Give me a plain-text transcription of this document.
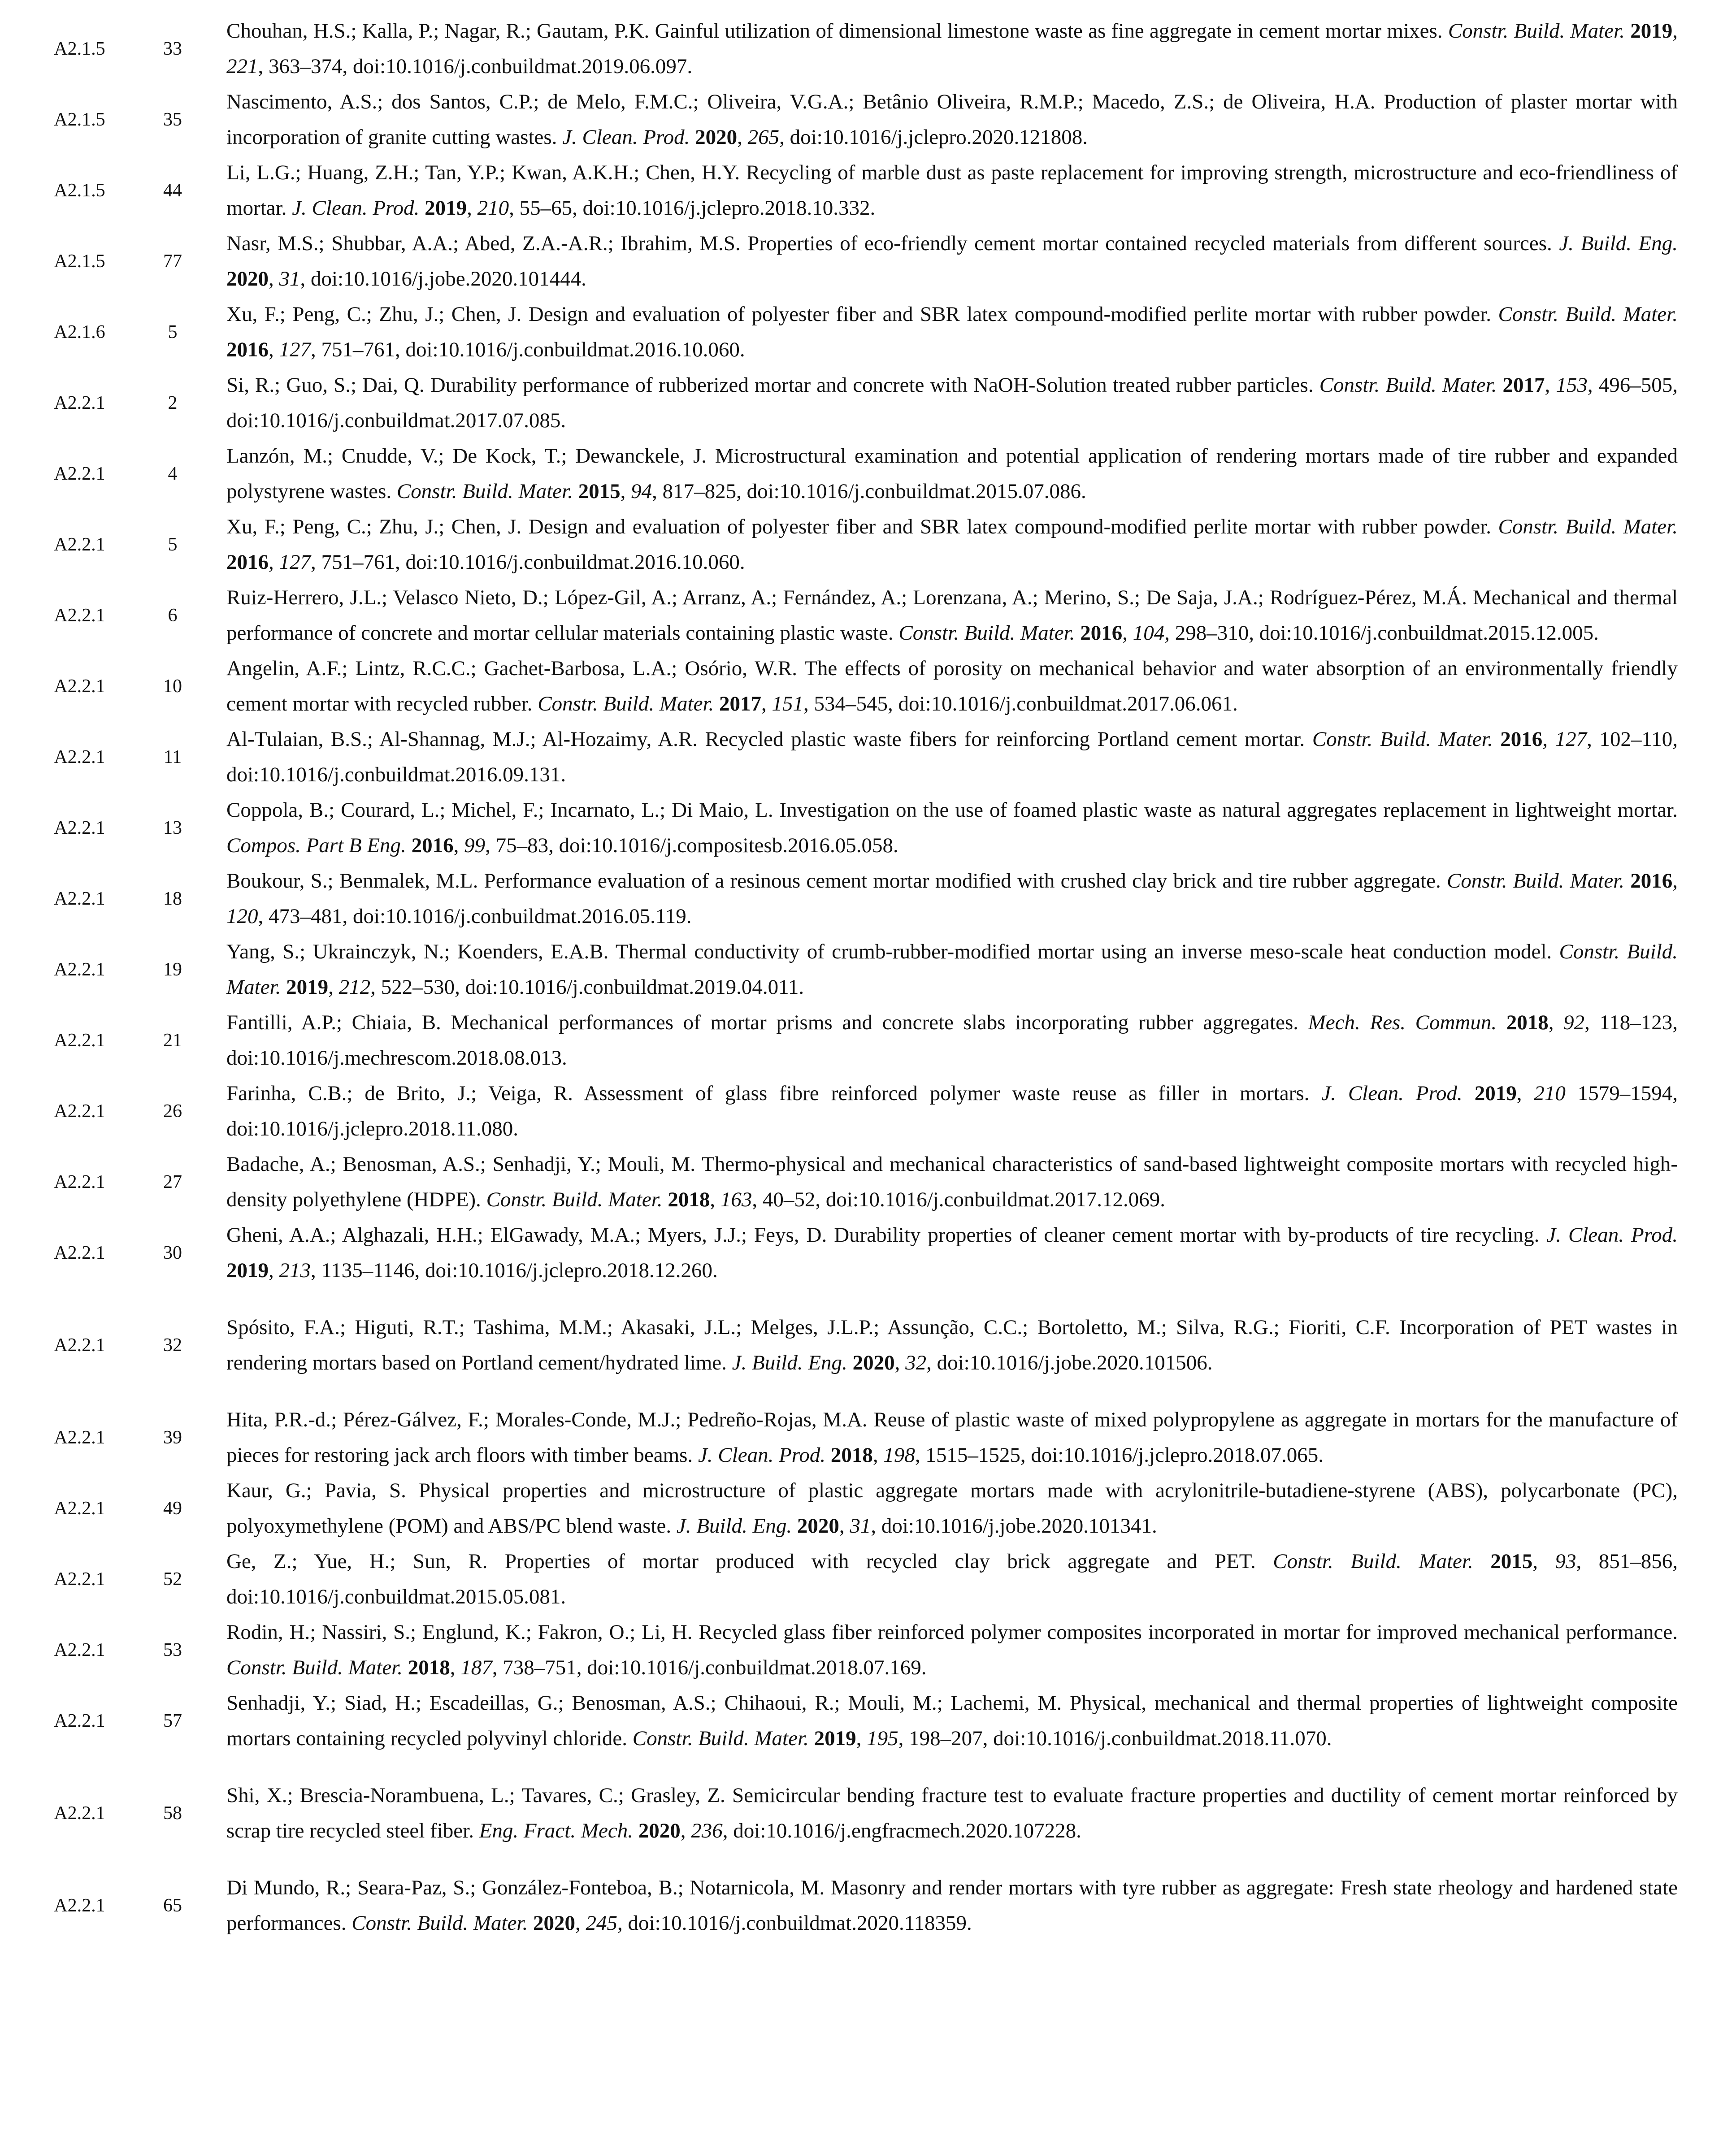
A2.1.5	33
Chouhan, H.S.; Kalla, P.; Nagar, R.; Gautam, P.K. Gainful utilization of dimensional limestone waste as fine aggregate in cement mortar mixes. Constr. Build. Mater. 2019, 221, 363–374, doi:10.1016/j.conbuildmat.2019.06.097.
A2.1.5	35
Nascimento, A.S.; dos Santos, C.P.; de Melo, F.M.C.; Oliveira, V.G.A.; Betânio Oliveira, R.M.P.; Macedo, Z.S.; de Oliveira, H.A. Production of plaster mortar with incorporation of granite cutting wastes. J. Clean. Prod. 2020, 265, doi:10.1016/j.jclepro.2020.121808.
A2.1.5	44
Li, L.G.; Huang, Z.H.; Tan, Y.P.; Kwan, A.K.H.; Chen, H.Y. Recycling of marble dust as paste replacement for improving strength, microstructure and eco-friendliness of mortar. J. Clean. Prod. 2019, 210, 55–65, doi:10.1016/j.jclepro.2018.10.332.
A2.1.5	77
Nasr, M.S.; Shubbar, A.A.; Abed, Z.A.-A.R.; Ibrahim, M.S. Properties of eco-friendly cement mortar contained recycled materials from different sources. J. Build. Eng. 2020, 31, doi:10.1016/j.jobe.2020.101444.
A2.1.6	5
Xu, F.; Peng, C.; Zhu, J.; Chen, J. Design and evaluation of polyester fiber and SBR latex compound-modified perlite mortar with rubber powder. Constr. Build. Mater. 2016, 127, 751–761, doi:10.1016/j.conbuildmat.2016.10.060.
A2.2.1	2
Si, R.; Guo, S.; Dai, Q. Durability performance of rubberized mortar and concrete with NaOH-Solution treated rubber particles. Constr. Build. Mater. 2017, 153, 496–505, doi:10.1016/j.conbuildmat.2017.07.085.
A2.2.1	4
Lanzón, M.; Cnudde, V.; De Kock, T.; Dewanckele, J. Microstructural examination and potential application of rendering mortars made of tire rubber and expanded polystyrene wastes. Constr. Build. Mater. 2015, 94, 817–825, doi:10.1016/j.conbuildmat.2015.07.086.
A2.2.1	5
Xu, F.; Peng, C.; Zhu, J.; Chen, J. Design and evaluation of polyester fiber and SBR latex compound-modified perlite mortar with rubber powder. Constr. Build. Mater. 2016, 127, 751–761, doi:10.1016/j.conbuildmat.2016.10.060.
A2.2.1	6
Ruiz-Herrero, J.L.; Velasco Nieto, D.; López-Gil, A.; Arranz, A.; Fernández, A.; Lorenzana, A.; Merino, S.; De Saja, J.A.; Rodríguez-Pérez, M.Á. Mechanical and thermal performance of concrete and mortar cellular materials containing plastic waste. Constr. Build. Mater. 2016, 104, 298–310, doi:10.1016/j.conbuildmat.2015.12.005.
A2.2.1	10
Angelin, A.F.; Lintz, R.C.C.; Gachet-Barbosa, L.A.; Osório, W.R. The effects of porosity on mechanical behavior and water absorption of an environmentally friendly cement mortar with recycled rubber. Constr. Build. Mater. 2017, 151, 534–545, doi:10.1016/j.conbuildmat.2017.06.061.
A2.2.1	11
Al-Tulaian, B.S.; Al-Shannag, M.J.; Al-Hozaimy, A.R. Recycled plastic waste fibers for reinforcing Portland cement mortar. Constr. Build. Mater. 2016, 127, 102–110, doi:10.1016/j.conbuildmat.2016.09.131.
A2.2.1	13
Coppola, B.; Courard, L.; Michel, F.; Incarnato, L.; Di Maio, L. Investigation on the use of foamed plastic waste as natural aggregates replacement in lightweight mortar. Compos. Part B Eng. 2016, 99, 75–83, doi:10.1016/j.compositesb.2016.05.058.
A2.2.1	18
Boukour, S.; Benmalek, M.L. Performance evaluation of a resinous cement mortar modified with crushed clay brick and tire rubber aggregate. Constr. Build. Mater. 2016, 120, 473–481, doi:10.1016/j.conbuildmat.2016.05.119.
A2.2.1	19
Yang, S.; Ukrainczyk, N.; Koenders, E.A.B. Thermal conductivity of crumb-rubber-modified mortar using an inverse meso-scale heat conduction model. Constr. Build. Mater. 2019, 212, 522–530, doi:10.1016/j.conbuildmat.2019.04.011.
A2.2.1	21
Fantilli, A.P.; Chiaia, B. Mechanical performances of mortar prisms and concrete slabs incorporating rubber aggregates. Mech. Res. Commun. 2018, 92, 118–123, doi:10.1016/j.mechrescom.2018.08.013.
A2.2.1	26
Farinha, C.B.; de Brito, J.; Veiga, R. Assessment of glass fibre reinforced polymer waste reuse as filler in mortars. J. Clean. Prod. 2019, 210 1579–1594, doi:10.1016/j.jclepro.2018.11.080.
A2.2.1	27
Badache, A.; Benosman, A.S.; Senhadji, Y.; Mouli, M. Thermo-physical and mechanical characteristics of sand-based lightweight composite mortars with recycled high-density polyethylene (HDPE). Constr. Build. Mater. 2018, 163, 40–52, doi:10.1016/j.conbuildmat.2017.12.069.
A2.2.1	30
Gheni, A.A.; Alghazali, H.H.; ElGawady, M.A.; Myers, J.J.; Feys, D. Durability properties of cleaner cement mortar with by-products of tire recycling. J. Clean. Prod. 2019, 213, 1135–1146, doi:10.1016/j.jclepro.2018.12.260.
A2.2.1	32
Spósito, F.A.; Higuti, R.T.; Tashima, M.M.; Akasaki, J.L.; Melges, J.L.P.; Assunção, C.C.; Bortoletto, M.; Silva, R.G.; Fioriti, C.F. Incorporation of PET wastes in rendering mortars based on Portland cement/hydrated lime. J. Build. Eng. 2020, 32, doi:10.1016/j.jobe.2020.101506.
A2.2.1	39
Hita, P.R.-d.; Pérez-Gálvez, F.; Morales-Conde, M.J.; Pedreño-Rojas, M.A. Reuse of plastic waste of mixed polypropylene as aggregate in mortars for the manufacture of pieces for restoring jack arch floors with timber beams. J. Clean. Prod. 2018, 198, 1515–1525, doi:10.1016/j.jclepro.2018.07.065.
A2.2.1	49
Kaur, G.; Pavia, S. Physical properties and microstructure of plastic aggregate mortars made with acrylonitrile-butadiene-styrene (ABS), polycarbonate (PC), polyoxymethylene (POM) and ABS/PC blend waste. J. Build. Eng. 2020, 31, doi:10.1016/j.jobe.2020.101341.
A2.2.1	52
Ge, Z.; Yue, H.; Sun, R. Properties of mortar produced with recycled clay brick aggregate and PET. Constr. Build. Mater. 2015, 93, 851–856, doi:10.1016/j.conbuildmat.2015.05.081.
A2.2.1	53
Rodin, H.; Nassiri, S.; Englund, K.; Fakron, O.; Li, H. Recycled glass fiber reinforced polymer composites incorporated in mortar for improved mechanical performance. Constr. Build. Mater. 2018, 187, 738–751, doi:10.1016/j.conbuildmat.2018.07.169.
A2.2.1	57
Senhadji, Y.; Siad, H.; Escadeillas, G.; Benosman, A.S.; Chihaoui, R.; Mouli, M.; Lachemi, M. Physical, mechanical and thermal properties of lightweight composite mortars containing recycled polyvinyl chloride. Constr. Build. Mater. 2019, 195, 198–207, doi:10.1016/j.conbuildmat.2018.11.070.
A2.2.1	58
Shi, X.; Brescia-Norambuena, L.; Tavares, C.; Grasley, Z. Semicircular bending fracture test to evaluate fracture properties and ductility of cement mortar reinforced by scrap tire recycled steel fiber. Eng. Fract. Mech. 2020, 236, doi:10.1016/j.engfracmech.2020.107228.
A2.2.1	65
Di Mundo, R.; Seara-Paz, S.; González-Fonteboa, B.; Notarnicola, M. Masonry and render mortars with tyre rubber as aggregate: Fresh state rheology and hardened state performances. Constr. Build. Mater. 2020, 245, doi:10.1016/j.conbuildmat.2020.118359.
